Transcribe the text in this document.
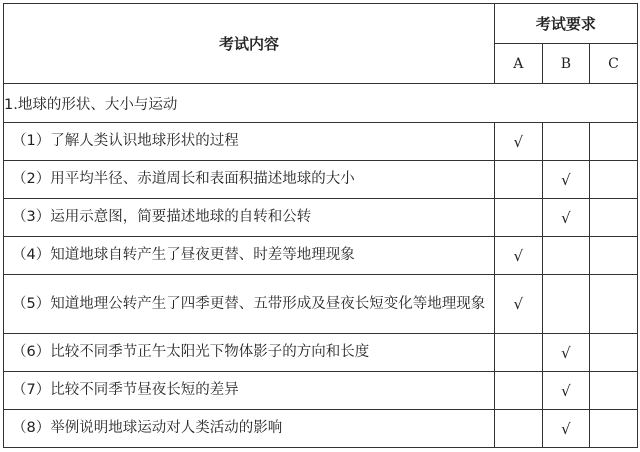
考试内容	考试要求		
	A	B	C
1.地球的形状、大小与运动			
（1）了解人类认识地球形状的过程	√		
（2）用平均半径、赤道周长和表面积描述地球的大小		√	
（3）运用示意图，简要描述地球的自转和公转		√	
（4）知道地球自转产生了昼夜更替、时差等地理现象	√		
（5）知道地理公转产生了四季更替、五带形成及昼夜长短变化等地理现象	√		
（6）比较不同季节正午太阳光下物体影子的方向和长度		√	
（7）比较不同季节昼夜长短的差异		√	
（8）举例说明地球运动对人类活动的影响		√	
